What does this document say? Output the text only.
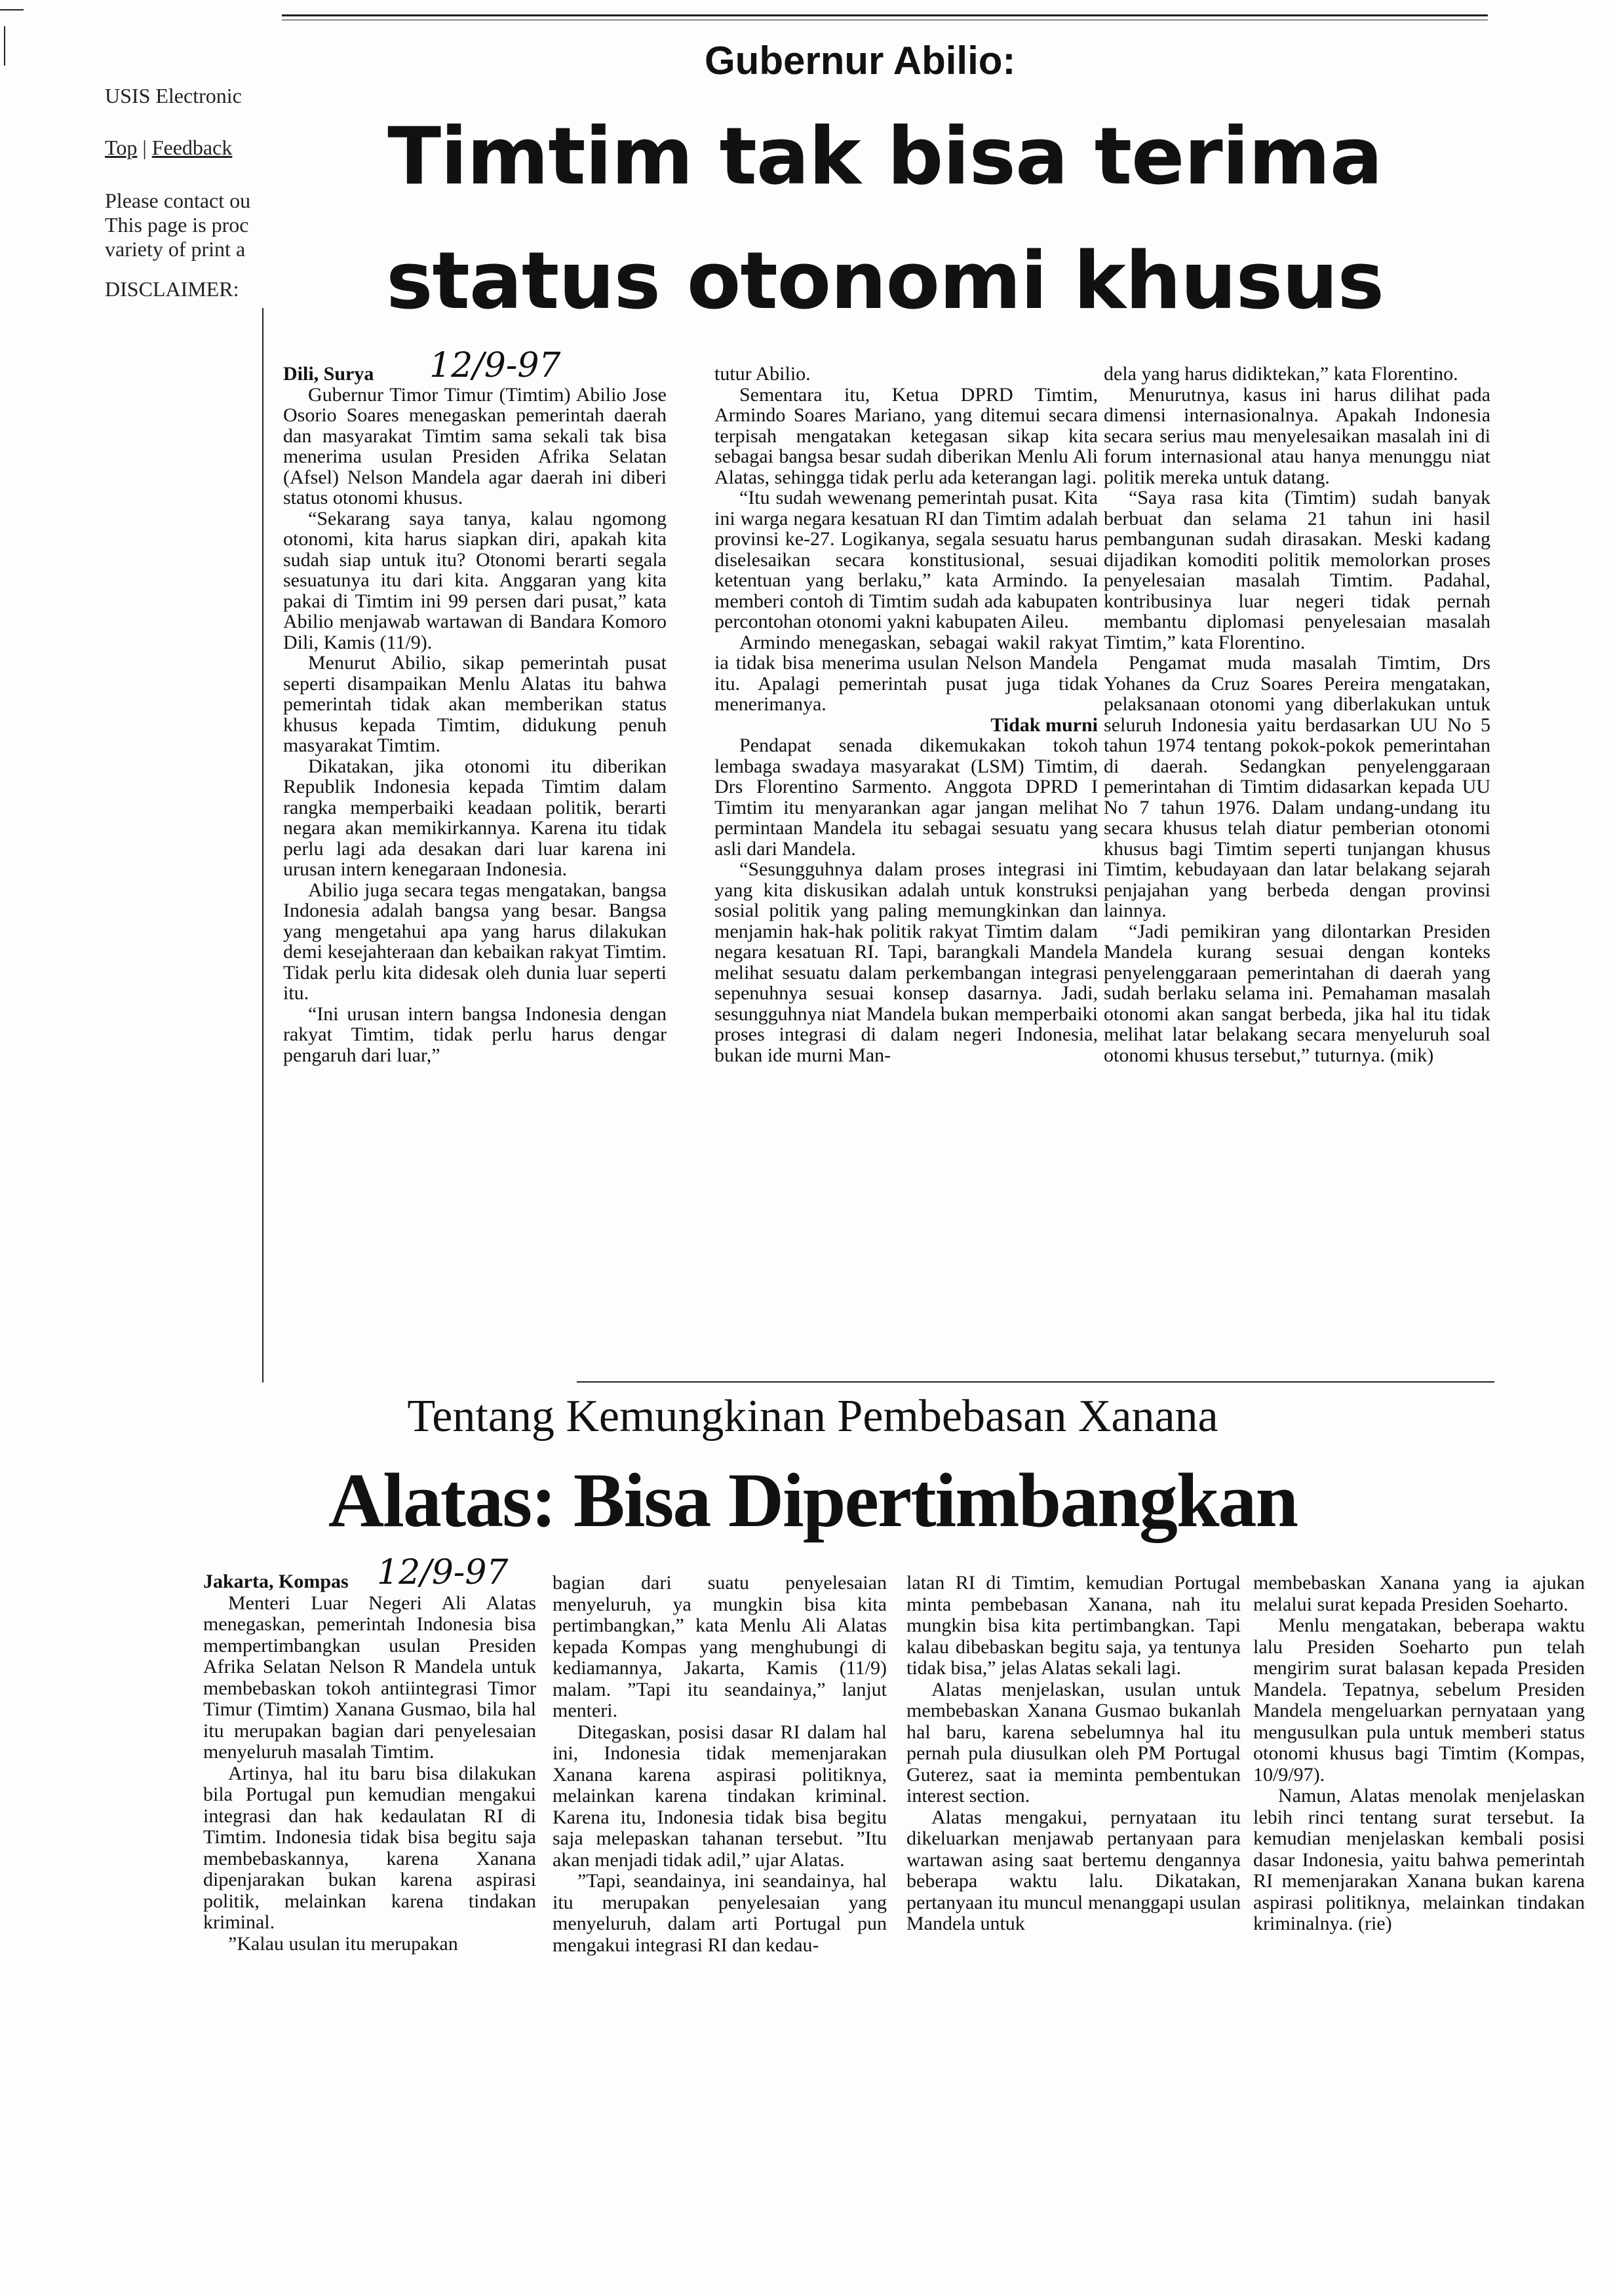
USIS Electronic
Top | Feedback
Please contact ou
This page is proc
variety of print a
DISCLAIMER:
Gubernur Abilio:
Timtim tak bisa terima
status otonomi khusus
12/9-97

Dili, Surya

Gubernur Timor Timur (Timtim) Abilio Jose Osorio Soares menegaskan pemerintah daerah dan masyarakat Timtim sama sekali tak bisa menerima usulan Presiden Afrika Selatan (Afsel) Nelson Mandela agar daerah ini diberi status otonomi khusus.

“Sekarang saya tanya, kalau ngomong otonomi, kita harus siapkan diri, apakah kita sudah siap untuk itu? Otonomi berarti segala sesuatunya itu dari kita. Anggaran yang kita pakai di Timtim ini 99 persen dari pusat,” kata Abilio menjawab wartawan di Bandara Komoro Dili, Kamis (11/9).

Menurut Abilio, sikap pemerintah pusat seperti disampaikan Menlu Alatas itu bahwa pemerintah tidak akan memberikan status khusus kepada Timtim, didukung penuh masyarakat Timtim.

Dikatakan, jika otonomi itu diberikan Republik Indonesia kepada Timtim dalam rangka memperbaiki keadaan politik, berarti negara akan memikirkannya. Karena itu tidak perlu lagi ada desakan dari luar karena ini urusan intern kenegaraan Indonesia.

Abilio juga secara tegas mengatakan, bangsa Indonesia adalah bangsa yang besar. Bangsa yang mengetahui apa yang harus dilakukan demi kesejahteraan dan kebaikan rakyat Timtim. Tidak perlu kita didesak oleh dunia luar seperti itu.

“Ini urusan intern bangsa Indonesia dengan rakyat Timtim, tidak perlu harus dengar pengaruh dari luar,”

tutur Abilio.

Sementara itu, Ketua DPRD Timtim, Armindo Soares Mariano, yang ditemui secara terpisah mengatakan ketegasan sikap kita sebagai bangsa besar sudah diberikan Menlu Ali Alatas, sehingga tidak perlu ada keterangan lagi.

“Itu sudah wewenang pemerintah pusat. Kita ini warga negara kesatuan RI dan Timtim adalah provinsi ke-27. Logikanya, segala sesuatu harus diselesaikan secara konstitusional, sesuai ketentuan yang berlaku,” kata Armindo. Ia memberi contoh di Timtim sudah ada kabupaten percontohan otonomi yakni kabupaten Aileu.

Armindo menegaskan, sebagai wakil rakyat ia tidak bisa menerima usulan Nelson Mandela itu. Apalagi pemerintah pusat juga tidak menerimanya.

Tidak murni

Pendapat senada dikemukakan tokoh lembaga swadaya masyarakat (LSM) Timtim, Drs Florentino Sarmento. Anggota DPRD I Timtim itu menyarankan agar jangan melihat permintaan Mandela itu sebagai sesuatu yang asli dari Mandela.

“Sesungguhnya dalam proses integrasi ini yang kita diskusikan adalah untuk konstruksi sosial politik yang paling memungkinkan dan menjamin hak-hak politik rakyat Timtim dalam negara kesatuan RI. Tapi, barangkali Mandela melihat sesuatu dalam perkembangan integrasi sepenuhnya sesuai konsep dasarnya. Jadi, sesungguhnya niat Mandela bukan memperbaiki proses integrasi di dalam negeri Indonesia, bukan ide murni Man-

dela yang harus didiktekan,” kata Florentino.

Menurutnya, kasus ini harus dilihat pada dimensi internasionalnya. Apakah Indonesia secara serius mau menyelesaikan masalah ini di forum internasional atau hanya menunggu niat politik mereka untuk datang.

“Saya rasa kita (Timtim) sudah banyak berbuat dan selama 21 tahun ini hasil pembangunan sudah dirasakan. Meski kadang dijadikan komoditi politik memolorkan proses penyelesaian masalah Timtim. Padahal, kontribusinya luar negeri tidak pernah membantu diplomasi penyelesaian masalah Timtim,” kata Florentino.

Pengamat muda masalah Timtim, Drs Yohanes da Cruz Soares Pereira mengatakan, pelaksanaan otonomi yang diberlakukan untuk seluruh Indonesia yaitu berdasarkan UU No 5 tahun 1974 tentang pokok-pokok pemerintahan di daerah. Sedangkan penyelenggaraan pemerintahan di Timtim didasarkan kepada UU No 7 tahun 1976. Dalam undang-undang itu secara khusus telah diatur pemberian otonomi khusus bagi Timtim seperti tunjangan khusus Timtim, kebudayaan dan latar belakang sejarah penjajahan yang berbeda dengan provinsi lainnya.

“Jadi pemikiran yang dilontarkan Presiden Mandela kurang sesuai dengan konteks penyelenggaraan pemerintahan di daerah yang sudah berlaku selama ini. Pemahaman masalah otonomi akan sangat berbeda, jika hal itu tidak melihat latar belakang secara menyeluruh soal otonomi khusus tersebut,” tuturnya. (mik)

Tentang Kemungkinan Pembebasan Xanana
Alatas: Bisa Dipertimbangkan
12/9-97

Jakarta, Kompas

Menteri Luar Negeri Ali Alatas menegaskan, pemerintah Indonesia bisa mempertimbangkan usulan Presiden Afrika Selatan Nelson R Mandela untuk membebaskan tokoh antiintegrasi Timor Timur (Timtim) Xanana Gusmao, bila hal itu merupakan bagian dari penyelesaian menyeluruh masalah Timtim.

Artinya, hal itu baru bisa dilakukan bila Portugal pun kemudian mengakui integrasi dan hak kedaulatan RI di Timtim. Indonesia tidak bisa begitu saja membebaskannya, karena Xanana dipenjarakan bukan karena aspirasi politik, melainkan karena tindakan kriminal.

”Kalau usulan itu merupakan

bagian dari suatu penyelesaian menyeluruh, ya mungkin bisa kita pertimbangkan,” kata Menlu Ali Alatas kepada Kompas yang menghubungi di kediamannya, Jakarta, Kamis (11/9) malam. ”Tapi itu seandainya,” lanjut menteri.

Ditegaskan, posisi dasar RI dalam hal ini, Indonesia tidak memenjarakan Xanana karena aspirasi politiknya, melainkan karena tindakan kriminal. Karena itu, Indonesia tidak bisa begitu saja melepaskan tahanan tersebut. ”Itu akan menjadi tidak adil,” ujar Alatas.

”Tapi, seandainya, ini seandainya, hal itu merupakan penyelesaian yang menyeluruh, dalam arti Portugal pun mengakui integrasi RI dan kedau-

latan RI di Timtim, kemudian Portugal minta pembebasan Xanana, nah itu mungkin bisa kita pertimbangkan. Tapi kalau dibebaskan begitu saja, ya tentunya tidak bisa,” jelas Alatas sekali lagi.

Alatas menjelaskan, usulan untuk membebaskan Xanana Gusmao bukanlah hal baru, karena sebelumnya hal itu pernah pula diusulkan oleh PM Portugal Guterez, saat ia meminta pembentukan interest section.

Alatas mengakui, pernyataan itu dikeluarkan menjawab pertanyaan para wartawan asing saat bertemu dengannya beberapa waktu lalu. Dikatakan, pertanyaan itu muncul menanggapi usulan Mandela untuk

membebaskan Xanana yang ia ajukan melalui surat kepada Presiden Soeharto.

Menlu mengatakan, beberapa waktu lalu Presiden Soeharto pun telah mengirim surat balasan kepada Presiden Mandela. Tepatnya, sebelum Presiden Mandela mengeluarkan pernyataan yang mengusulkan pula untuk memberi status otonomi khusus bagi Timtim (Kompas, 10/9/97).

Namun, Alatas menolak menjelaskan lebih rinci tentang surat tersebut. Ia kemudian menjelaskan kembali posisi dasar Indonesia, yaitu bahwa pemerintah RI memenjarakan Xanana bukan karena aspirasi politiknya, melainkan tindakan kriminalnya. (rie)
